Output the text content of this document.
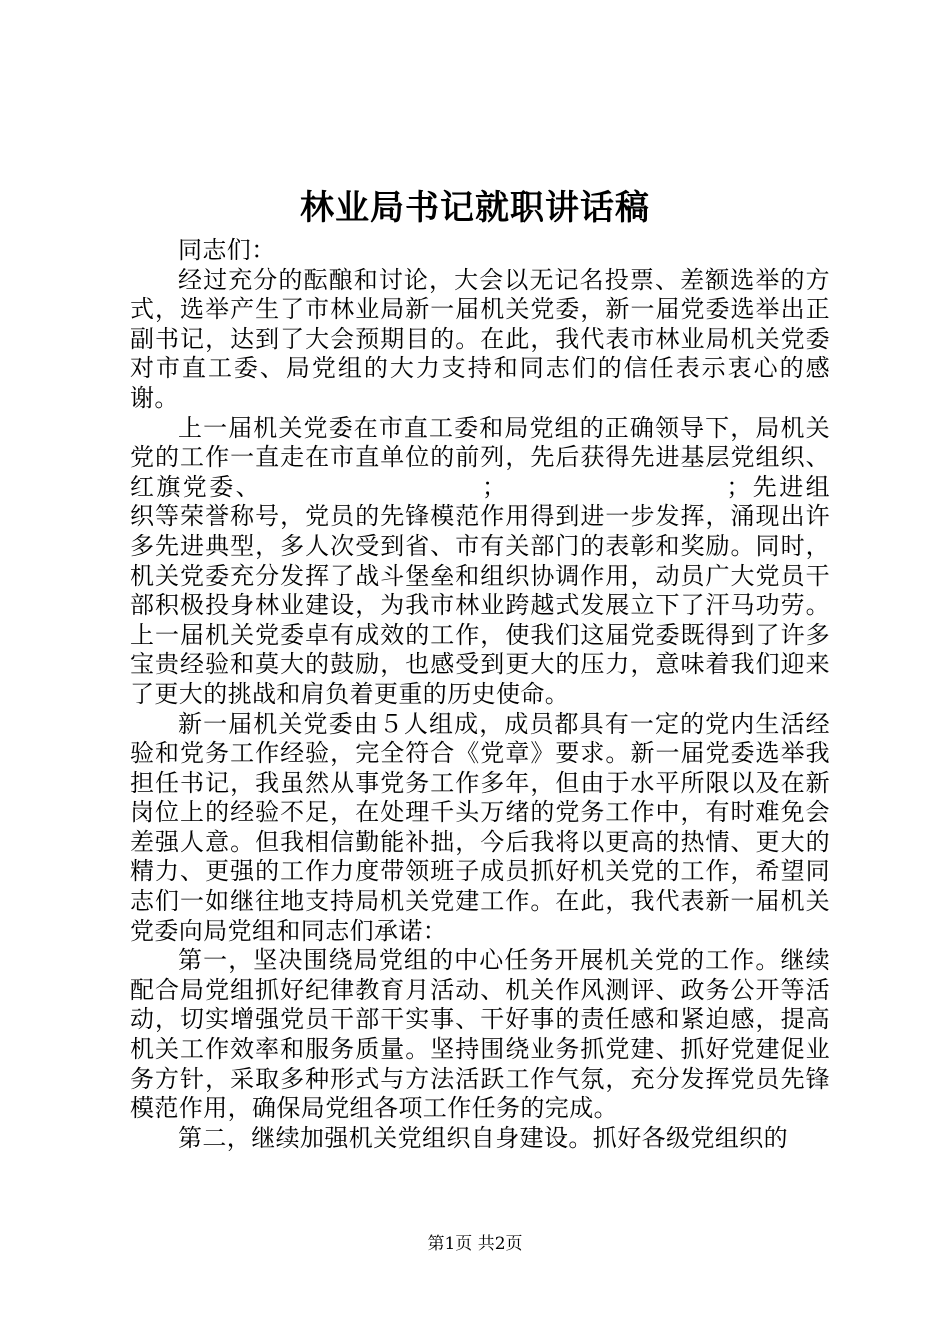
林业局书记就职讲话稿

同志们：

经过充分的酝酿和讨论，大会以无记名投票、差额选举的方式，选举产生了市林业局新一届机关党委，新一届党委选举出正副书记，达到了大会预期目的。在此，我代表市林业局机关党委对市直工委、局党组的大力支持和同志们的信任表示衷心的感谢。

上一届机关党委在市直工委和局党组的正确领导下，局机关党的工作一直走在市直单位的前列，先后获得先进基层党组织、红旗党委、	；	；先进组织等荣誉称号，党员的先锋模范作用得到进一步发挥，涌现出许多先进典型，多人次受到省、市有关部门的表彰和奖励。同时，机关党委充分发挥了战斗堡垒和组织协调作用，动员广大党员干部积极投身林业建设，为我市林业跨越式发展立下了汗马功劳。上一届机关党委卓有成效的工作，使我们这届党委既得到了许多宝贵经验和莫大的鼓励，也感受到更大的压力，意味着我们迎来了更大的挑战和肩负着更重的历史使命。

新一届机关党委由５人组成，成员都具有一定的党内生活经验和党务工作经验，完全符合《党章》要求。新一届党委选举我担任书记，我虽然从事党务工作多年，但由于水平所限以及在新岗位上的经验不足，在处理千头万绪的党务工作中，有时难免会差强人意。但我相信勤能补拙，今后我将以更高的热情、更大的精力、更强的工作力度带领班子成员抓好机关党的工作，希望同志们一如继往地支持局机关党建工作。在此，我代表新一届机关党委向局党组和同志们承诺：

第一，坚决围绕局党组的中心任务开展机关党的工作。继续配合局党组抓好纪律教育月活动、机关作风测评、政务公开等活动，切实增强党员干部干实事、干好事的责任感和紧迫感，提高机关工作效率和服务质量。坚持围绕业务抓党建、抓好党建促业务方针，采取多种形式与方法活跃工作气氛，充分发挥党员先锋模范作用，确保局党组各项工作任务的完成。

第二，继续加强机关党组织自身建设。抓好各级党组织的

第1页 共2页
